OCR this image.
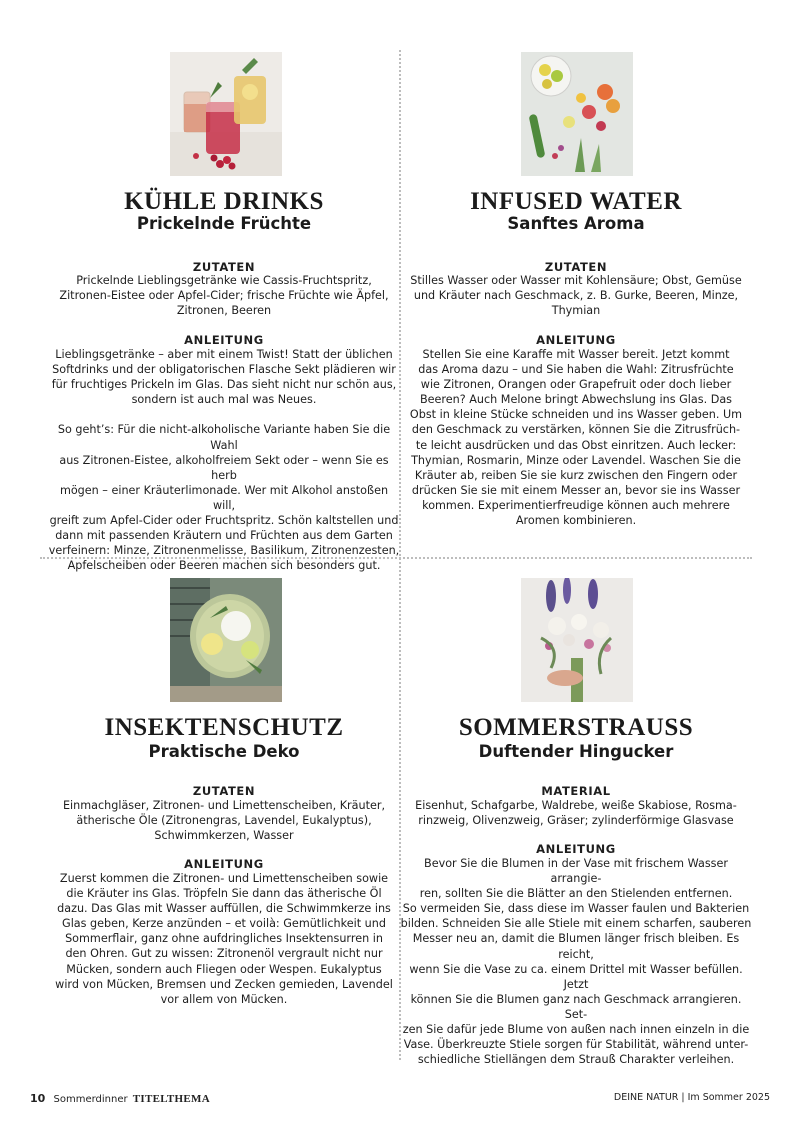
KÜHLE DRINKS
Prickelnde Früchte
ZUTATEN
Prickelnde Lieblingsgetränke wie Cassis-Fruchtspritz,
Zitronen-Eistee oder Apfel-Cider; frische Früchte wie Äpfel,
Zitronen, Beeren
ANLEITUNG
Lieblingsgetränke – aber mit einem Twist! Statt der üblichen
Softdrinks und der obligatorischen Flasche Sekt plädieren wir
für fruchtiges Prickeln im Glas. Das sieht nicht nur schön aus,
sondern ist auch mal was Neues.

So geht’s: Für die nicht-alkoholische Variante haben Sie die Wahl
aus Zitronen-Eistee, alkoholfreiem Sekt oder – wenn Sie es herb
mögen – einer Kräuterlimonade. Wer mit Alkohol anstoßen will,
greift zum Apfel-Cider oder Fruchtspritz. Schön kaltstellen und
dann mit passenden Kräutern und Früchten aus dem Garten
verfeinern: Minze, Zitronenmelisse, Basilikum, Zitronenzesten,
Apfelscheiben oder Beeren machen sich besonders gut.
INFUSED WATER
Sanftes Aroma
ZUTATEN
Stilles Wasser oder Wasser mit Kohlensäure; Obst, Gemüse
und Kräuter nach Geschmack, z. B. Gurke, Beeren, Minze,
Thymian
ANLEITUNG
Stellen Sie eine Karaffe mit Wasser bereit. Jetzt kommt
das Aroma dazu – und Sie haben die Wahl: Zitrusfrüchte
wie Zitronen, Orangen oder Grapefruit oder doch lieber
Beeren? Auch Melone bringt Abwechslung ins Glas. Das
Obst in kleine Stücke schneiden und ins Wasser geben. Um
den Geschmack zu verstärken, können Sie die Zitrusfrüch-
te leicht ausdrücken und das Obst einritzen. Auch lecker:
Thymian, Rosmarin, Minze oder Lavendel. Waschen Sie die
Kräuter ab, reiben Sie sie kurz zwischen den Fingern oder
drücken Sie sie mit einem Messer an, bevor sie ins Wasser
kommen. Experimentierfreudige können auch mehrere
Aromen kombinieren.
INSEKTENSCHUTZ
Praktische Deko
ZUTATEN
Einmachgläser, Zitronen- und Limettenscheiben, Kräuter,
ätherische Öle (Zitronengras, Lavendel, Eukalyptus),
Schwimmkerzen, Wasser
ANLEITUNG
Zuerst kommen die Zitronen- und Limettenscheiben sowie
die Kräuter ins Glas. Tröpfeln Sie dann das ätherische Öl
dazu. Das Glas mit Wasser auffüllen, die Schwimmkerze ins
Glas geben, Kerze anzünden – et voilà: Gemütlichkeit und
Sommerflair, ganz ohne aufdringliches Insektensurren in
den Ohren. Gut zu wissen: Zitronenöl vergrault nicht nur
Mücken, sondern auch Fliegen oder Wespen. Eukalyptus
wird von Mücken, Bremsen und Zecken gemieden, Lavendel
vor allem von Mücken.
SOMMERSTRAUSS
Duftender Hingucker
MATERIAL
Eisenhut, Schafgarbe, Waldrebe, weiße Skabiose, Rosma-
rinzweig, Olivenzweig, Gräser; zylinderförmige Glasvase
ANLEITUNG
Bevor Sie die Blumen in der Vase mit frischem Wasser arrangie-
ren, sollten Sie die Blätter an den Stielenden entfernen.
So vermeiden Sie, dass diese im Wasser faulen und Bakterien
bilden. Schneiden Sie alle Stiele mit einem scharfen, sauberen
Messer neu an, damit die Blumen länger frisch bleiben. Es reicht,
wenn Sie die Vase zu ca. einem Drittel mit Wasser befüllen. Jetzt
können Sie die Blumen ganz nach Geschmack arrangieren. Set-
zen Sie dafür jede Blume von außen nach innen einzeln in die
Vase. Überkreuzte Stiele sorgen für Stabilität, während unter-
schiedliche Stiellängen dem Strauß Charakter verleihen.
10 Sommerdinner TITELTHEMA	DEINE NATUR | Im Sommer 2025
